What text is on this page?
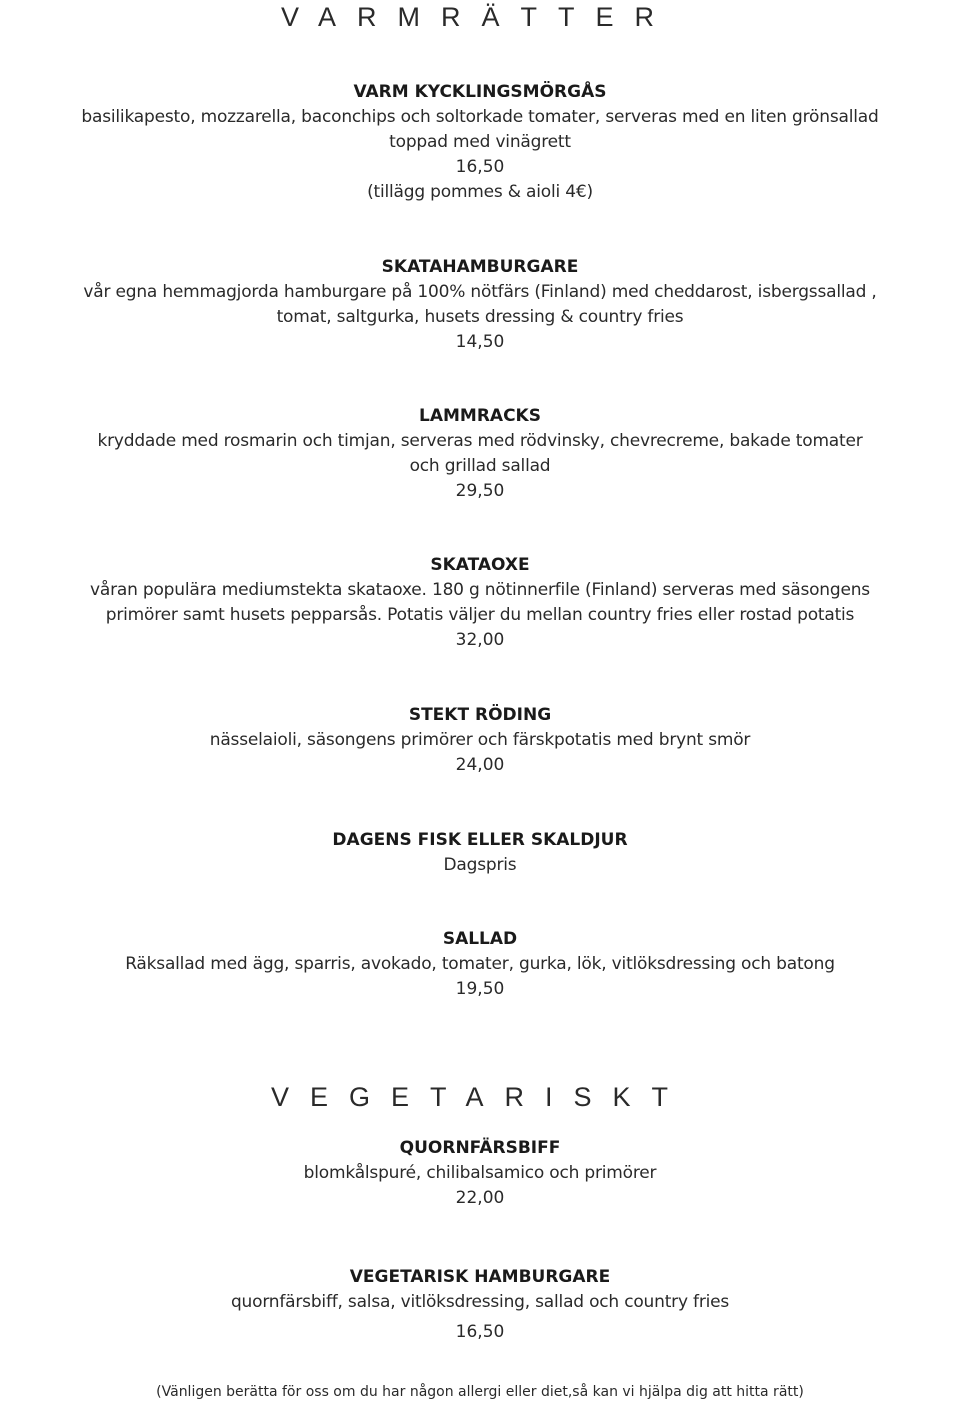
VARMRÄTTER
VARM KYCKLINGSMÖRGÅS
basilikapesto, mozzarella, baconchips och soltorkade tomater, serveras med en liten grönsallad
toppad med vinägrett
16,50
(tillägg pommes & aioli 4€)
SKATAHAMBURGARE
vår egna hemmagjorda hamburgare på 100% nötfärs (Finland) med cheddarost, isbergssallad ,
tomat, saltgurka, husets dressing & country fries
14,50
LAMMRACKS
kryddade med rosmarin och timjan, serveras med rödvinsky, chevrecreme, bakade tomater
och grillad sallad
29,50
SKATAOXE
våran populära mediumstekta skataoxe. 180 g nötinnerfile (Finland) serveras med säsongens
primörer samt husets pepparsås. Potatis väljer du mellan country fries eller rostad potatis
32,00
STEKT RÖDING
nässelaioli, säsongens primörer och färskpotatis med brynt smör
24,00
DAGENS FISK ELLER SKALDJUR
Dagspris
SALLAD
Räksallad med ägg, sparris, avokado, tomater, gurka, lök, vitlöksdressing och batong
19,50
VEGETARISKT
QUORNFÄRSBIFF
blomkålspuré, chilibalsamico och primörer
22,00
VEGETARISK HAMBURGARE
quornfärsbiff, salsa, vitlöksdressing, sallad och country fries
16,50
(Vänligen berätta för oss om du har någon allergi eller diet,så kan vi hjälpa dig att hitta rätt)
